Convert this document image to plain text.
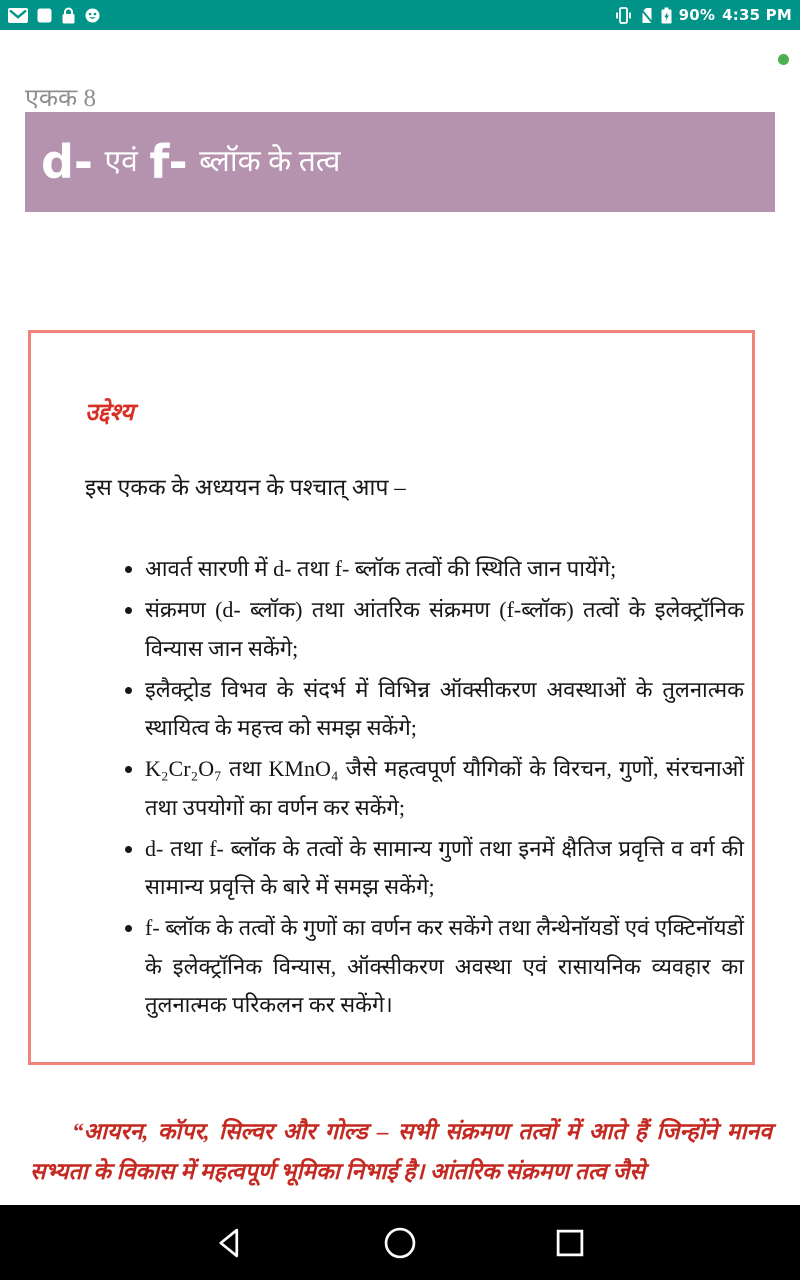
90% 4:35 PM
एकक 8
d- एवं f- ब्लॉक के तत्व
उद्देश्य

इस एकक के अध्ययन के पश्चात् आप –

• आवर्त सारणी में d- तथा f- ब्लॉक तत्वों की स्थिति जान पायेंगे;
• संक्रमण (d- ब्लॉक) तथा आंतरिक संक्रमण (f-ब्लॉक) तत्वों के इलेक्ट्रॉनिक विन्यास जान सकेंगे;
• इलैक्ट्रोड विभव के संदर्भ में विभिन्न ऑक्सीकरण अवस्थाओं के तुलनात्मक स्थायित्व के महत्त्व को समझ सकेंगे;
• K₂Cr₂O₇ तथा KMnO₄ जैसे महत्वपूर्ण यौगिकों के विरचन, गुणों, संरचनाओं तथा उपयोगों का वर्णन कर सकेंगे;
• d- तथा f- ब्लॉक के तत्वों के सामान्य गुणों तथा इनमें क्षैतिज प्रवृत्ति व वर्ग की सामान्य प्रवृत्ति के बारे में समझ सकेंगे;
• f- ब्लॉक के तत्वों के गुणों का वर्णन कर सकेंगे तथा लैन्थेनॉयडों एवं एक्टिनॉयडों के इलेक्ट्रॉनिक विन्यास, ऑक्सीकरण अवस्था एवं रासायनिक व्यवहार का तुलनात्मक परिकलन कर सकेंगे।

“आयरन, कॉपर, सिल्वर और गोल्ड – सभी संक्रमण तत्वों में आते हैं जिन्होंने मानव सभ्यता के विकास में महत्वपूर्ण भूमिका निभाई है। आंतरिक संक्रमण तत्व जैसे
